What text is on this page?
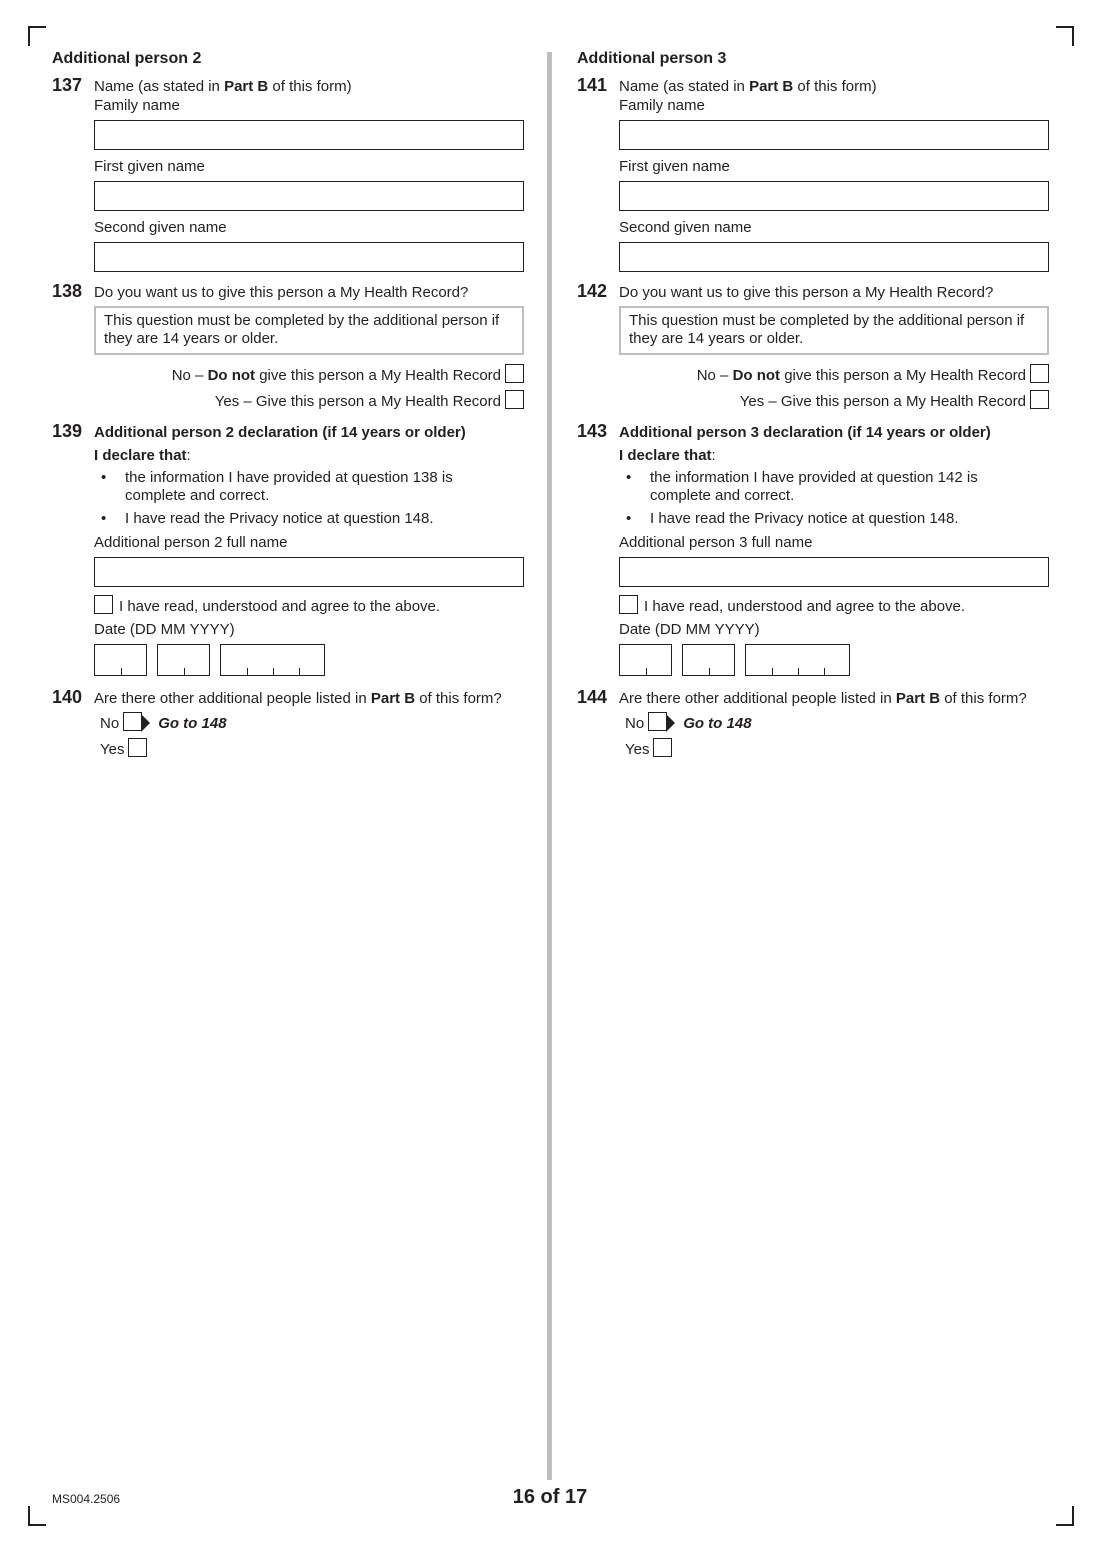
Additional person 2
137 Name (as stated in Part B of this form)
Family name
First given name
Second given name
138 Do you want us to give this person a My Health Record?
This question must be completed by the additional person if
they are 14 years or older.
No – Do not give this person a My Health Record
Yes – Give this person a My Health Record
139 Additional person 2 declaration (if 14 years or older)
I declare that:
• the information I have provided at question 138 is
complete and correct.
• I have read the Privacy notice at question 148.
Additional person 2 full name
I have read, understood and agree to the above.
Date (DD MM YYYY)
140 Are there other additional people listed in Part B of this form?
No	Go to 148
Yes
Additional person 3
141 Name (as stated in Part B of this form)
Family name
First given name
Second given name
142 Do you want us to give this person a My Health Record?
This question must be completed by the additional person if
they are 14 years or older.
No – Do not give this person a My Health Record
Yes – Give this person a My Health Record
143 Additional person 3 declaration (if 14 years or older)
I declare that:
• the information I have provided at question 142 is
complete and correct.
• I have read the Privacy notice at question 148.
Additional person 3 full name
I have read, understood and agree to the above.
Date (DD MM YYYY)
144 Are there other additional people listed in Part B of this form?
No	Go to 148
Yes
MS004.2506	16 of 17
